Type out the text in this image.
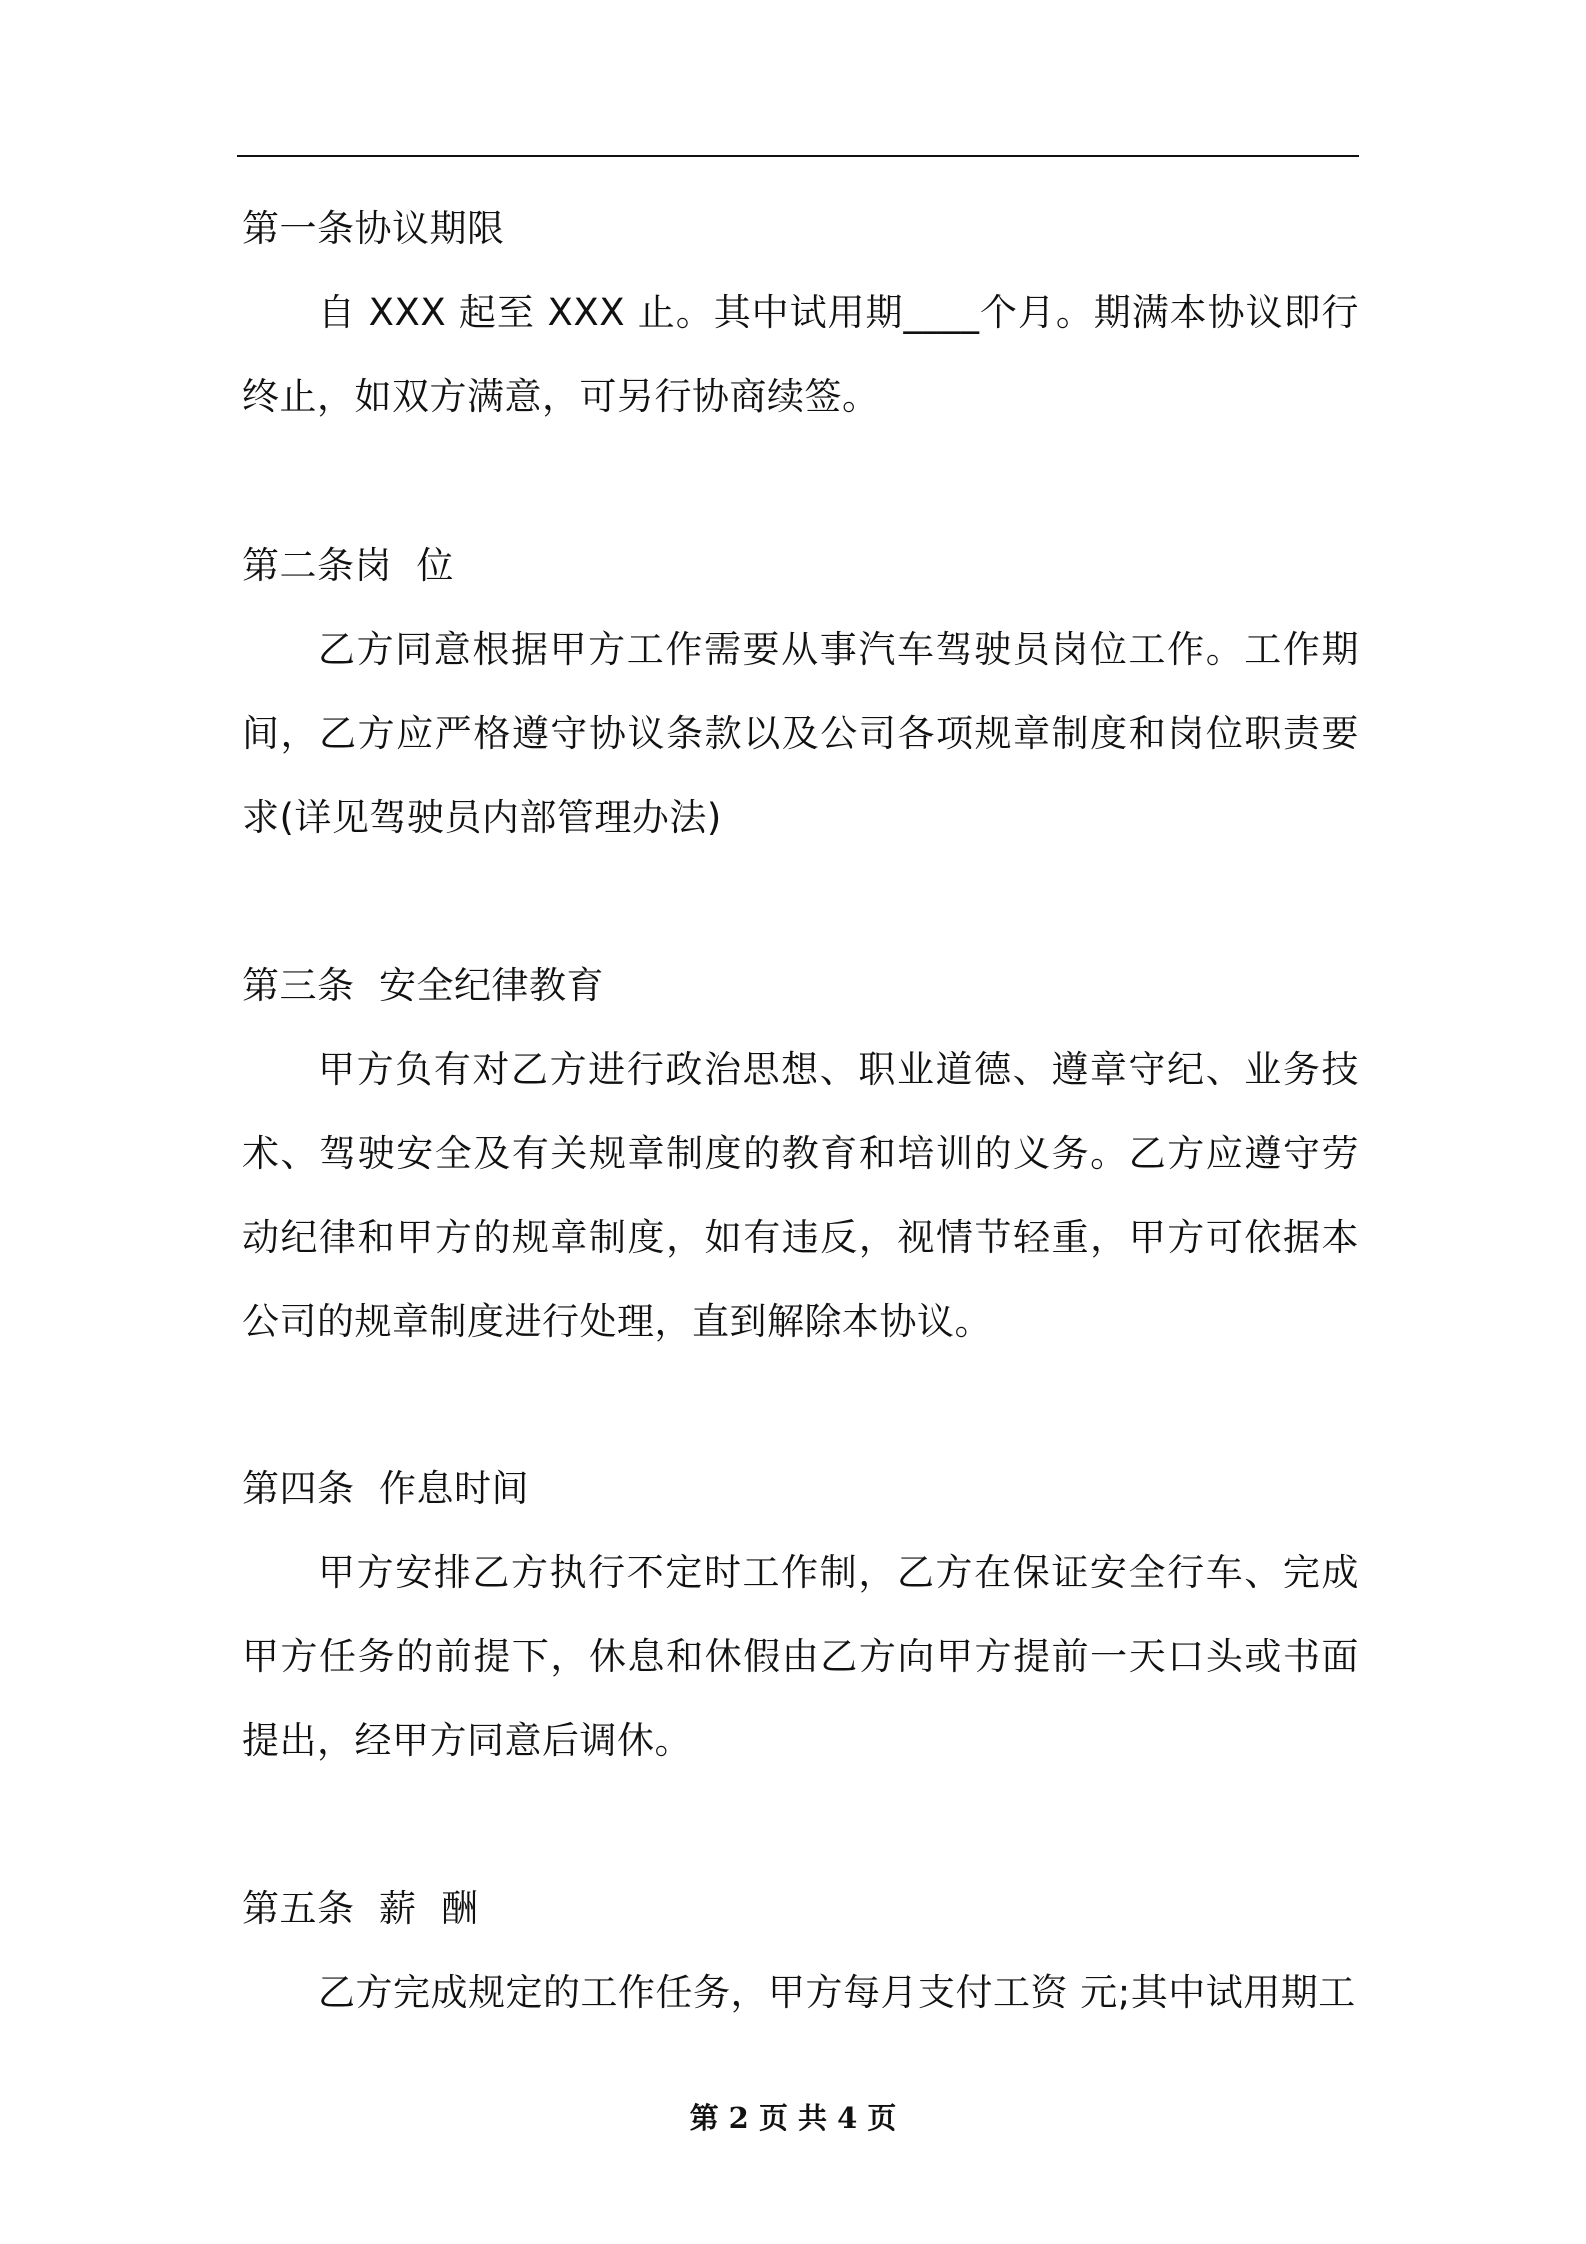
第一条协议期限
自 XXX 起至 XXX 止。其中试用期____个月。期满本协议即行终止，如双方满意，可另行协商续签。
第二条岗  位
乙方同意根据甲方工作需要从事汽车驾驶员岗位工作。工作期间，乙方应严格遵守协议条款以及公司各项规章制度和岗位职责要求(详见驾驶员内部管理办法)
第三条  安全纪律教育
甲方负有对乙方进行政治思想、职业道德、遵章守纪、业务技术、驾驶安全及有关规章制度的教育和培训的义务。乙方应遵守劳动纪律和甲方的规章制度，如有违反，视情节轻重，甲方可依据本公司的规章制度进行处理，直到解除本协议。
第四条  作息时间
甲方安排乙方执行不定时工作制，乙方在保证安全行车、完成甲方任务的前提下，休息和休假由乙方向甲方提前一天口头或书面提出，经甲方同意后调休。
第五条  薪  酬
乙方完成规定的工作任务，甲方每月支付工资 元;其中试用期工
第 2 页 共 4 页
